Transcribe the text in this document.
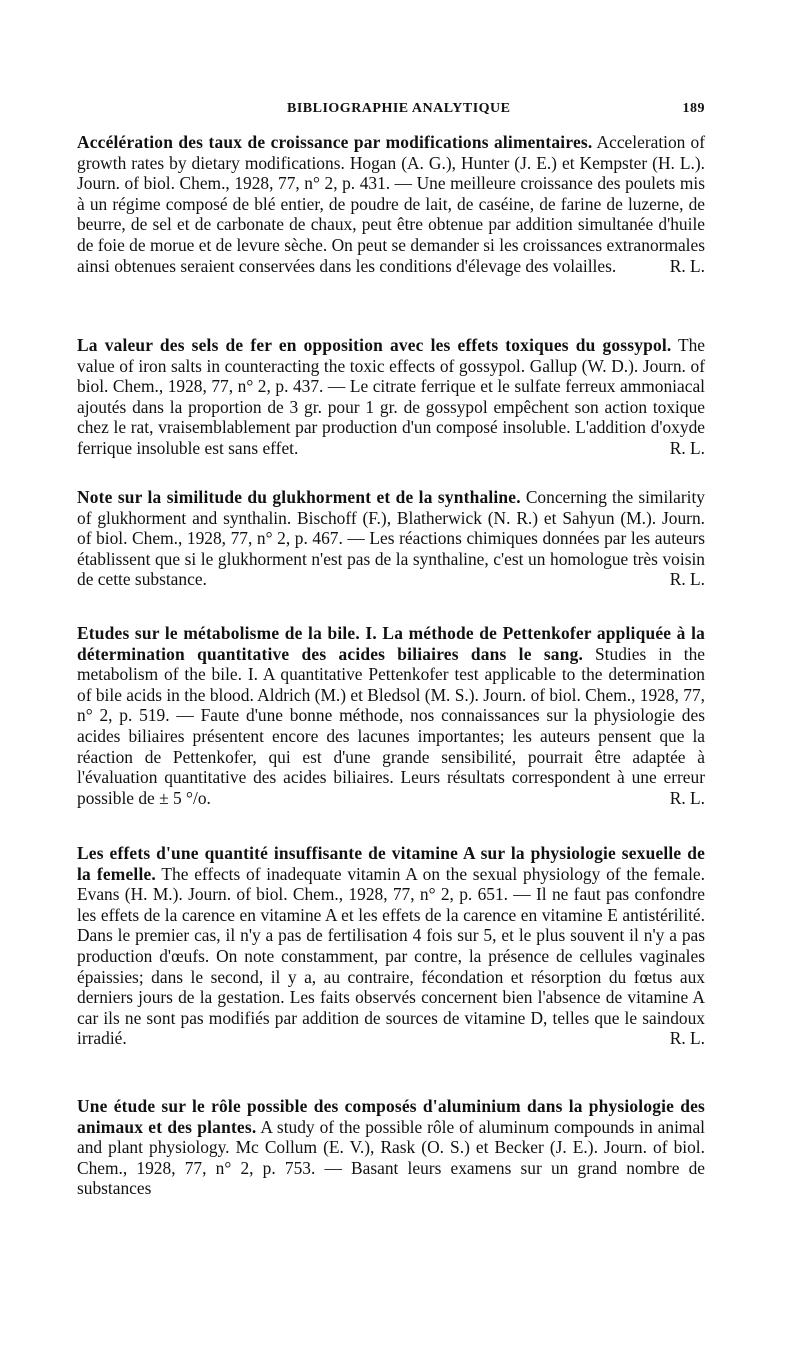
BIBLIOGRAPHIE ANALYTIQUE	189
Accélération des taux de croissance par modifications alimentaires. Acceleration of growth rates by dietary modifications. Hogan (A. G.), Hunter (J. E.) et Kempster (H. L.). Journ. of biol. Chem., 1928, 77, n° 2, p. 431. — Une meilleure croissance des poulets mis à un régime composé de blé entier, de poudre de lait, de caséine, de farine de luzerne, de beurre, de sel et de carbonate de chaux, peut être obtenue par addition simultanée d'huile de foie de morue et de levure sèche. On peut se demander si les croissances extranormales ainsi obtenues seraient conservées dans les conditions d'élevage des volailles.	R. L.
La valeur des sels de fer en opposition avec les effets toxiques du gossypol. The value of iron salts in counteracting the toxic effects of gossypol. Gallup (W. D.). Journ. of biol. Chem., 1928, 77, n° 2, p. 437. — Le citrate ferrique et le sulfate ferreux ammoniacal ajoutés dans la proportion de 3 gr. pour 1 gr. de gossypol empêchent son action toxique chez le rat, vraisemblablement par production d'un composé insoluble. L'addition d'oxyde ferrique insoluble est sans effet.	R. L.
Note sur la similitude du glukhorment et de la synthaline. Concerning the similarity of glukhorment and synthalin. Bischoff (F.), Blatherwick (N. R.) et Sahyun (M.). Journ. of biol. Chem., 1928, 77, n° 2, p. 467. — Les réactions chimiques données par les auteurs établissent que si le glukhorment n'est pas de la synthaline, c'est un homologue très voisin de cette substance.	R. L.
Etudes sur le métabolisme de la bile. I. La méthode de Pettenkofer appliquée à la détermination quantitative des acides biliaires dans le sang. Studies in the metabolism of the bile. I. A quantitative Pettenkofer test applicable to the determination of bile acids in the blood. Aldrich (M.) et Bledsol (M. S.). Journ. of biol. Chem., 1928, 77, n° 2, p. 519. — Faute d'une bonne méthode, nos connaissances sur la physiologie des acides biliaires présentent encore des lacunes importantes; les auteurs pensent que la réaction de Pettenkofer, qui est d'une grande sensibilité, pourrait être adaptée à l'évaluation quantitative des acides biliaires. Leurs résultats correspondent à une erreur possible de ± 5 °/o.	R. L.
Les effets d'une quantité insuffisante de vitamine A sur la physiologie sexuelle de la femelle. The effects of inadequate vitamin A on the sexual physiology of the female. Evans (H. M.). Journ. of biol. Chem., 1928, 77, n° 2, p. 651. — Il ne faut pas confondre les effets de la carence en vitamine A et les effets de la carence en vitamine E antistérilité. Dans le premier cas, il n'y a pas de fertilisation 4 fois sur 5, et le plus souvent il n'y a pas production d'œufs. On note constamment, par contre, la présence de cellules vaginales épaissies; dans le second, il y a, au contraire, fécondation et résorption du fœtus aux derniers jours de la gestation. Les faits observés concernent bien l'absence de vitamine A car ils ne sont pas modifiés par addition de sources de vitamine D, telles que le saindoux irradié.	R. L.
Une étude sur le rôle possible des composés d'aluminium dans la physiologie des animaux et des plantes. A study of the possible rôle of aluminum compounds in animal and plant physiology. Mc Collum (E. V.), Rask (O. S.) et Becker (J. E.). Journ. of biol. Chem., 1928, 77, n° 2, p. 753. — Basant leurs examens sur un grand nombre de substances
